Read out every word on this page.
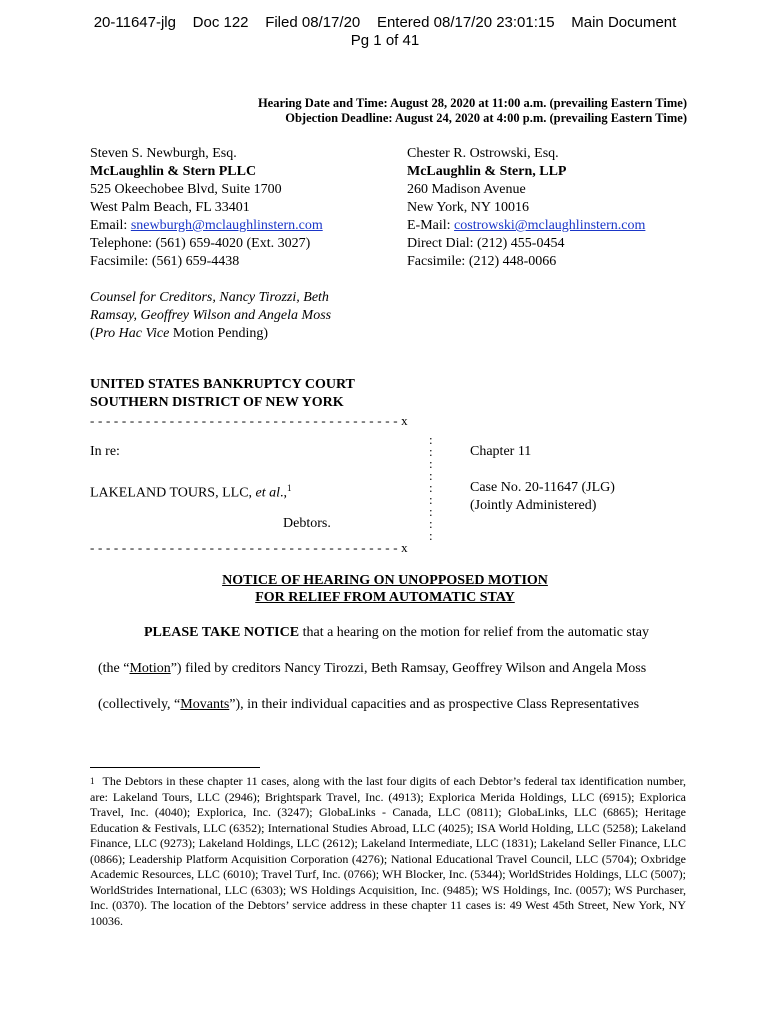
20-11647-jlg Doc 122 Filed 08/17/20 Entered 08/17/20 23:01:15 Main Document
Pg 1 of 41
Hearing Date and Time: August 28, 2020 at 11:00 a.m. (prevailing Eastern Time)
Objection Deadline: August 24, 2020 at 4:00 p.m. (prevailing Eastern Time)
Steven S. Newburgh, Esq.
McLaughlin & Stern PLLC
525 Okeechobee Blvd, Suite 1700
West Palm Beach, FL 33401
Email: snewburgh@mclaughlinstern.com
Telephone: (561) 659-4020 (Ext. 3027)
Facsimile: (561) 659-4438
Chester R. Ostrowski, Esq.
McLaughlin & Stern, LLP
260 Madison Avenue
New York, NY 10016
E-Mail: costrowski@mclaughlinstern.com
Direct Dial: (212) 455-0454
Facsimile: (212) 448-0066
Counsel for Creditors, Nancy Tirozzi, Beth
Ramsay, Geoffrey Wilson and Angela Moss
(Pro Hac Vice Motion Pending)
UNITED STATES BANKRUPTCY COURT
SOUTHERN DISTRICT OF NEW YORK
- - - - - - - - - - - - - - - - - - - - - - - - - - - - - - - - - - - - - - - x
:
:
:
:
:
:
:
:
:
In re:
LAKELAND TOURS, LLC, et al.,$^1$
Debtors.
Chapter 11
Case No. 20-11647 (JLG)
(Jointly Administered)
- - - - - - - - - - - - - - - - - - - - - - - - - - - - - - - - - - - - - - - x
NOTICE OF HEARING ON UNOPPOSED MOTION
FOR RELIEF FROM AUTOMATIC STAY
PLEASE TAKE NOTICE that a hearing on the motion for relief from the automatic stay
(the “Motion”) filed by creditors Nancy Tirozzi, Beth Ramsay, Geoffrey Wilson and Angela Moss
(collectively, “Movants”), in their individual capacities and as prospective Class Representatives
$^1$ The Debtors in these chapter 11 cases, along with the last four digits of each Debtor’s federal tax identification number, are: Lakeland Tours, LLC (2946); Brightspark Travel, Inc. (4913); Explorica Merida Holdings, LLC (6915); Explorica Travel, Inc. (4040); Explorica, Inc. (3247); GlobaLinks - Canada, LLC (0811); GlobaLinks, LLC (6865); Heritage Education & Festivals, LLC (6352); International Studies Abroad, LLC (4025); ISA World Holding, LLC (5258); Lakeland Finance, LLC (9273); Lakeland Holdings, LLC (2612); Lakeland Intermediate, LLC (1831); Lakeland Seller Finance, LLC (0866); Leadership Platform Acquisition Corporation (4276); National Educational Travel Council, LLC (5704); Oxbridge Academic Resources, LLC (6010); Travel Turf, Inc. (0766); WH Blocker, Inc. (5344); WorldStrides Holdings, LLC (5007); WorldStrides International, LLC (6303); WS Holdings Acquisition, Inc. (9485); WS Holdings, Inc. (0057); WS Purchaser, Inc. (0370). The location of the Debtors’ service address in these chapter 11 cases is: 49 West 45th Street, New York, NY 10036.
